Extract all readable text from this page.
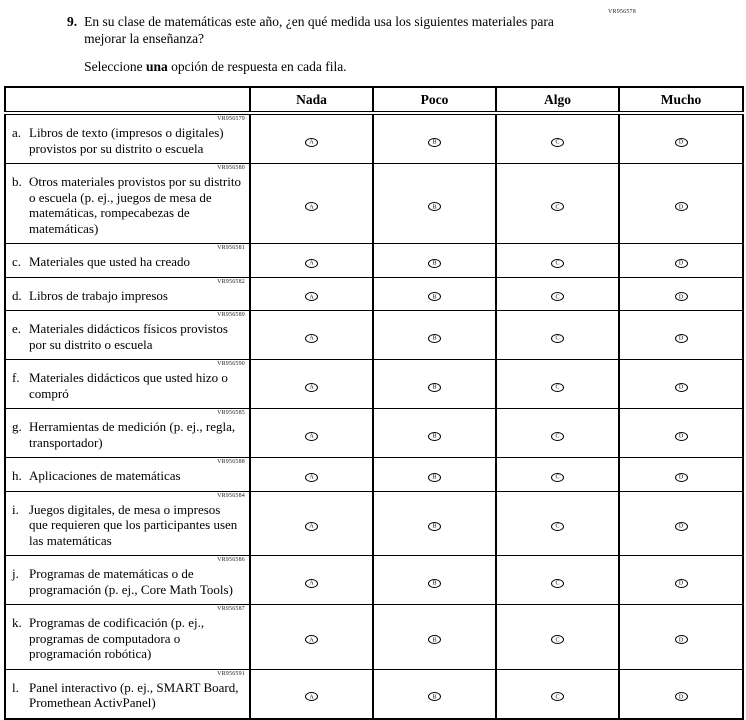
VR956578
9. En su clase de matemáticas este año, ¿en qué medida usa los siguientes materiales para mejorar la enseñanza?

Seleccione una opción de respuesta en cada fila.

	Nada	Poco	Algo	Mucho

VR956579
a. Libros de texto (impresos o digitales) provistos por su distrito o escuela	A	B	C	D

VR956580
b. Otros materiales provistos por su distrito o escuela (p. ej., juegos de mesa de matemáticas, rompecabezas de matemáticas)	A	B	C	D

VR956581
c. Materiales que usted ha creado	A	B	C	D

VR956582
d. Libros de trabajo impresos	A	B	C	D

VR956589
e. Materiales didácticos físicos provistos por su distrito o escuela	A	B	C	D

VR956590
f. Materiales didácticos que usted hizo o compró	A	B	C	D

VR956585
g. Herramientas de medición (p. ej., regla, transportador)	A	B	C	D

VR956588
h. Aplicaciones de matemáticas	A	B	C	D

VR956584
i. Juegos digitales, de mesa o impresos que requieren que los participantes usen las matemáticas	A	B	C	D

VR956586
j. Programas de matemáticas o de programación (p. ej., Core Math Tools)	A	B	C	D

VR956587
k. Programas de codificación (p. ej., programas de computadora o programación robótica)	A	B	C	D

VR956591
l. Panel interactivo (p. ej., SMART Board, Promethean ActivPanel)	A	B	C	D
